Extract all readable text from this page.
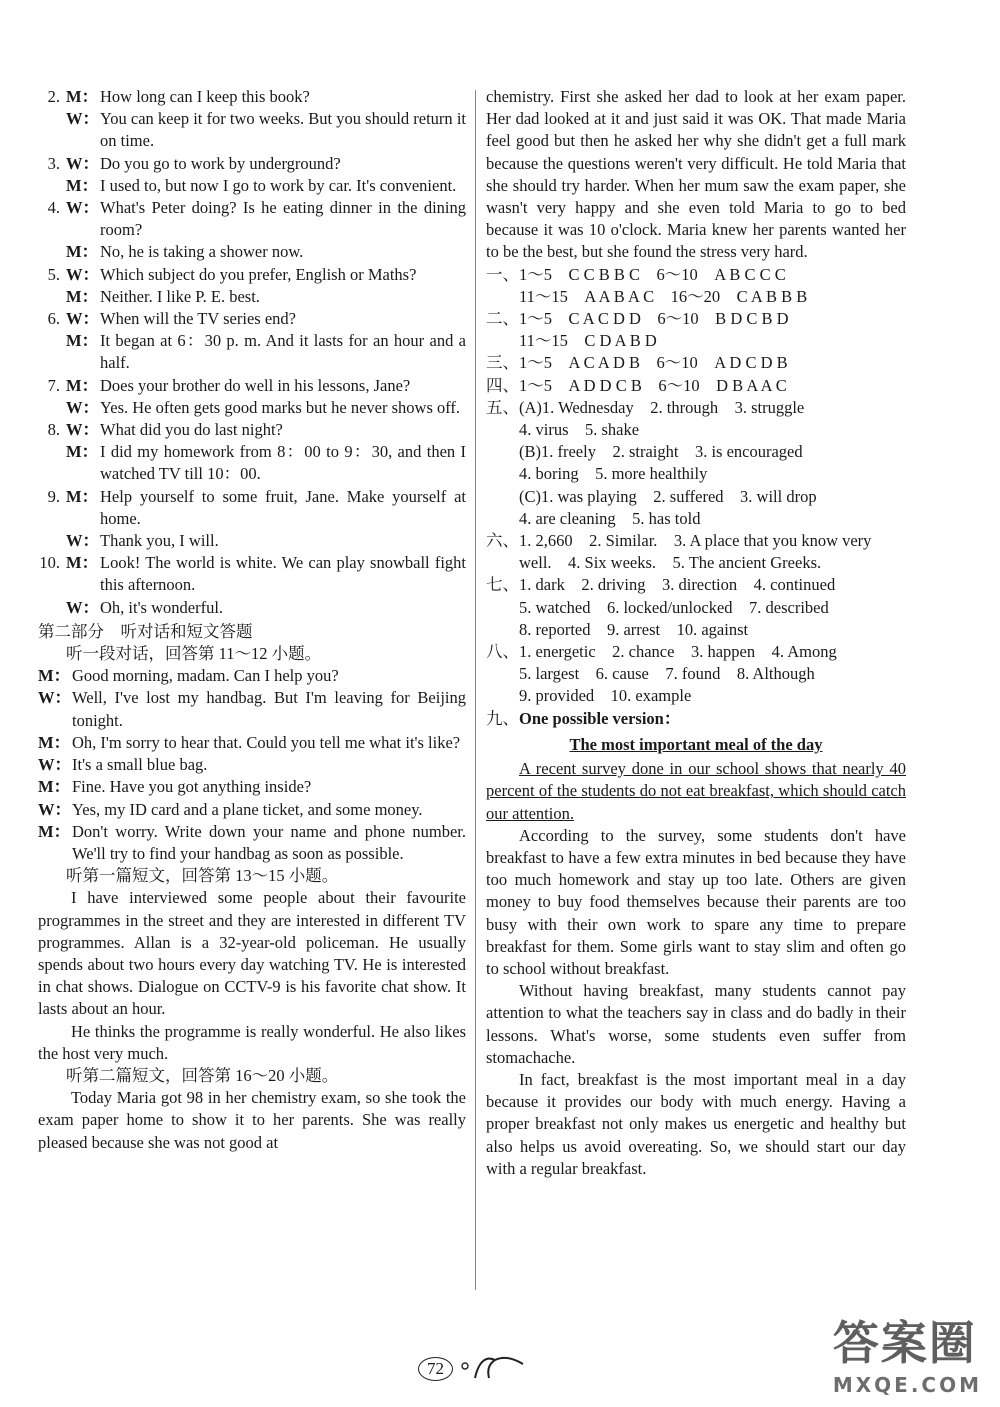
2. M： How long can I keep this book?
W： You can keep it for two weeks. But you should return it on time.
3. W： Do you go to work by underground?
M： I used to, but now I go to work by car. It's convenient.
4. W： What's Peter doing? Is he eating dinner in the dining room?
M： No, he is taking a shower now.
5. W： Which subject do you prefer, English or Maths?
M： Neither. I like P. E. best.
6. W： When will the TV series end?
M： It began at 6：30 p. m. And it lasts for an hour and a half.
7. M： Does your brother do well in his lessons, Jane?
W： Yes. He often gets good marks but he never shows off.
8. W： What did you do last night?
M： I did my homework from 8：00 to 9：30, and then I watched TV till 10：00.
9. M： Help yourself to some fruit, Jane. Make yourself at home.
W： Thank you, I will.
10. M： Look! The world is white. We can play snowball fight this afternoon.
W： Oh, it's wonderful.
第二部分　听对话和短文答题
听一段对话，回答第 11～12 小题。
M： Good morning, madam. Can I help you?
W： Well, I've lost my handbag. But I'm leaving for Beijing tonight.
M： Oh, I'm sorry to hear that. Could you tell me what it's like?
W： It's a small blue bag.
M： Fine. Have you got anything inside?
W： Yes, my ID card and a plane ticket, and some money.
M： Don't worry. Write down your name and phone number. We'll try to find your handbag as soon as possible.
听第一篇短文，回答第 13～15 小题。

I have interviewed some people about their favourite programmes in the street and they are interested in different TV programmes. Allan is a 32-year-old policeman. He usually spends about two hours every day watching TV. He is interested in chat shows. Dialogue on CCTV-9 is his favorite chat show. It lasts about an hour.

He thinks the programme is really wonderful. He also likes the host very much.

听第二篇短文，回答第 16～20 小题。

Today Maria got 98 in her chemistry exam, so she took the exam paper home to show it to her parents. She was really pleased because she was not good at

chemistry. First she asked her dad to look at her exam paper. Her dad looked at it and just said it was OK. That made Maria feel good but then he asked her why she didn't get a full mark because the questions weren't very difficult. He told Maria that she should try harder. When her mum saw the exam paper, she wasn't very happy and she even told Maria to go to bed because it was 10 o'clock. Maria knew her parents wanted her to be the best, but she found the stress very hard.

一、 1～5　C C B B C　6～10　A B C C C
11～15　A A B A C　16～20　C A B B B
二、 1～5　C A C D D　6～10　B D C B D
11～15　C D A B D
三、 1～5　A C A D B　6～10　A D C D B
四、 1～5　A D D C B　6～10　D B A A C
五、 (A)1. Wednesday　2. through　3. struggle
4. virus　5. shake
(B)1. freely　2. straight　3. is encouraged
4. boring　5. more healthily
(C)1. was playing　2. suffered　3. will drop
4. are cleaning　5. has told
六、 1. 2,660　2. Similar.　3. A place that you know very well.　4. Six weeks.　5. The ancient Greeks.
七、 1. dark　2. driving　3. direction　4. continued
5. watched　6. locked/unlocked　7. described
8. reported　9. arrest　10. against
八、 1. energetic　2. chance　3. happen　4. Among
5. largest　6. cause　7. found　8. Although
9. provided　10. example
九、 One possible version：
The most important meal of the day

A recent survey done in our school shows that nearly 40 percent of the students do not eat breakfast, which should catch our attention.

According to the survey, some students don't have breakfast to have a few extra minutes in bed because they have too much homework and stay up too late. Others are given money to buy food themselves because their parents are too busy with their own work to spare any time to prepare breakfast for them. Some girls want to stay slim and often go to school without breakfast.

Without having breakfast, many students cannot pay attention to what the teachers say in class and do badly in their lessons. What's worse, some students even suffer from stomachache.

In fact, breakfast is the most important meal in a day because it provides our body with much energy. Having a proper breakfast not only makes us energetic and healthy but also helps us avoid overeating. So, we should start our day with a regular breakfast.

72	答案圈
MXQE.COM
